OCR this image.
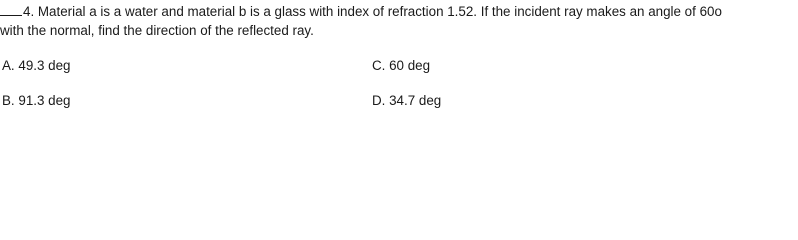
4. Material a is a water and material b is a glass with index of refraction 1.52. If the incident ray makes an angle of 60o
with the normal, find the direction of the reflected ray.
A. 49.3 deg	C. 60 deg
B. 91.3 deg	D. 34.7 deg
